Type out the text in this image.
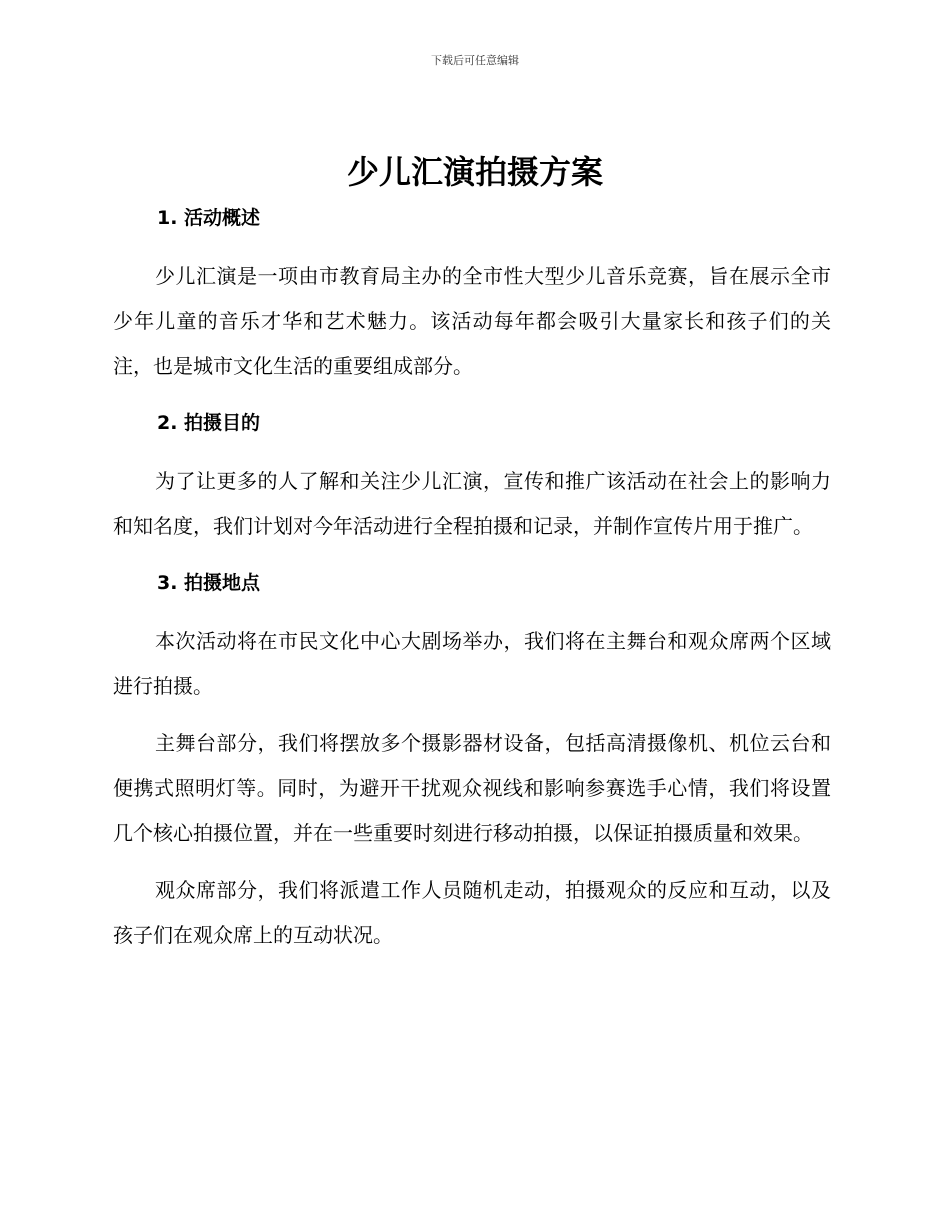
下载后可任意编辑
少儿汇演拍摄方案
1. 活动概述

少儿汇演是一项由市教育局主办的全市性大型少儿音乐竞赛，旨在展示全市少年儿童的音乐才华和艺术魅力。该活动每年都会吸引大量家长和孩子们的关注，也是城市文化生活的重要组成部分。

2. 拍摄目的

为了让更多的人了解和关注少儿汇演，宣传和推广该活动在社会上的影响力和知名度，我们计划对今年活动进行全程拍摄和记录，并制作宣传片用于推广。

3. 拍摄地点

本次活动将在市民文化中心大剧场举办，我们将在主舞台和观众席两个区域进行拍摄。

主舞台部分，我们将摆放多个摄影器材设备，包括高清摄像机、机位云台和便携式照明灯等。同时，为避开干扰观众视线和影响参赛选手心情，我们将设置几个核心拍摄位置，并在一些重要时刻进行移动拍摄，以保证拍摄质量和效果。

观众席部分，我们将派遣工作人员随机走动，拍摄观众的反应和互动，以及孩子们在观众席上的互动状况。
